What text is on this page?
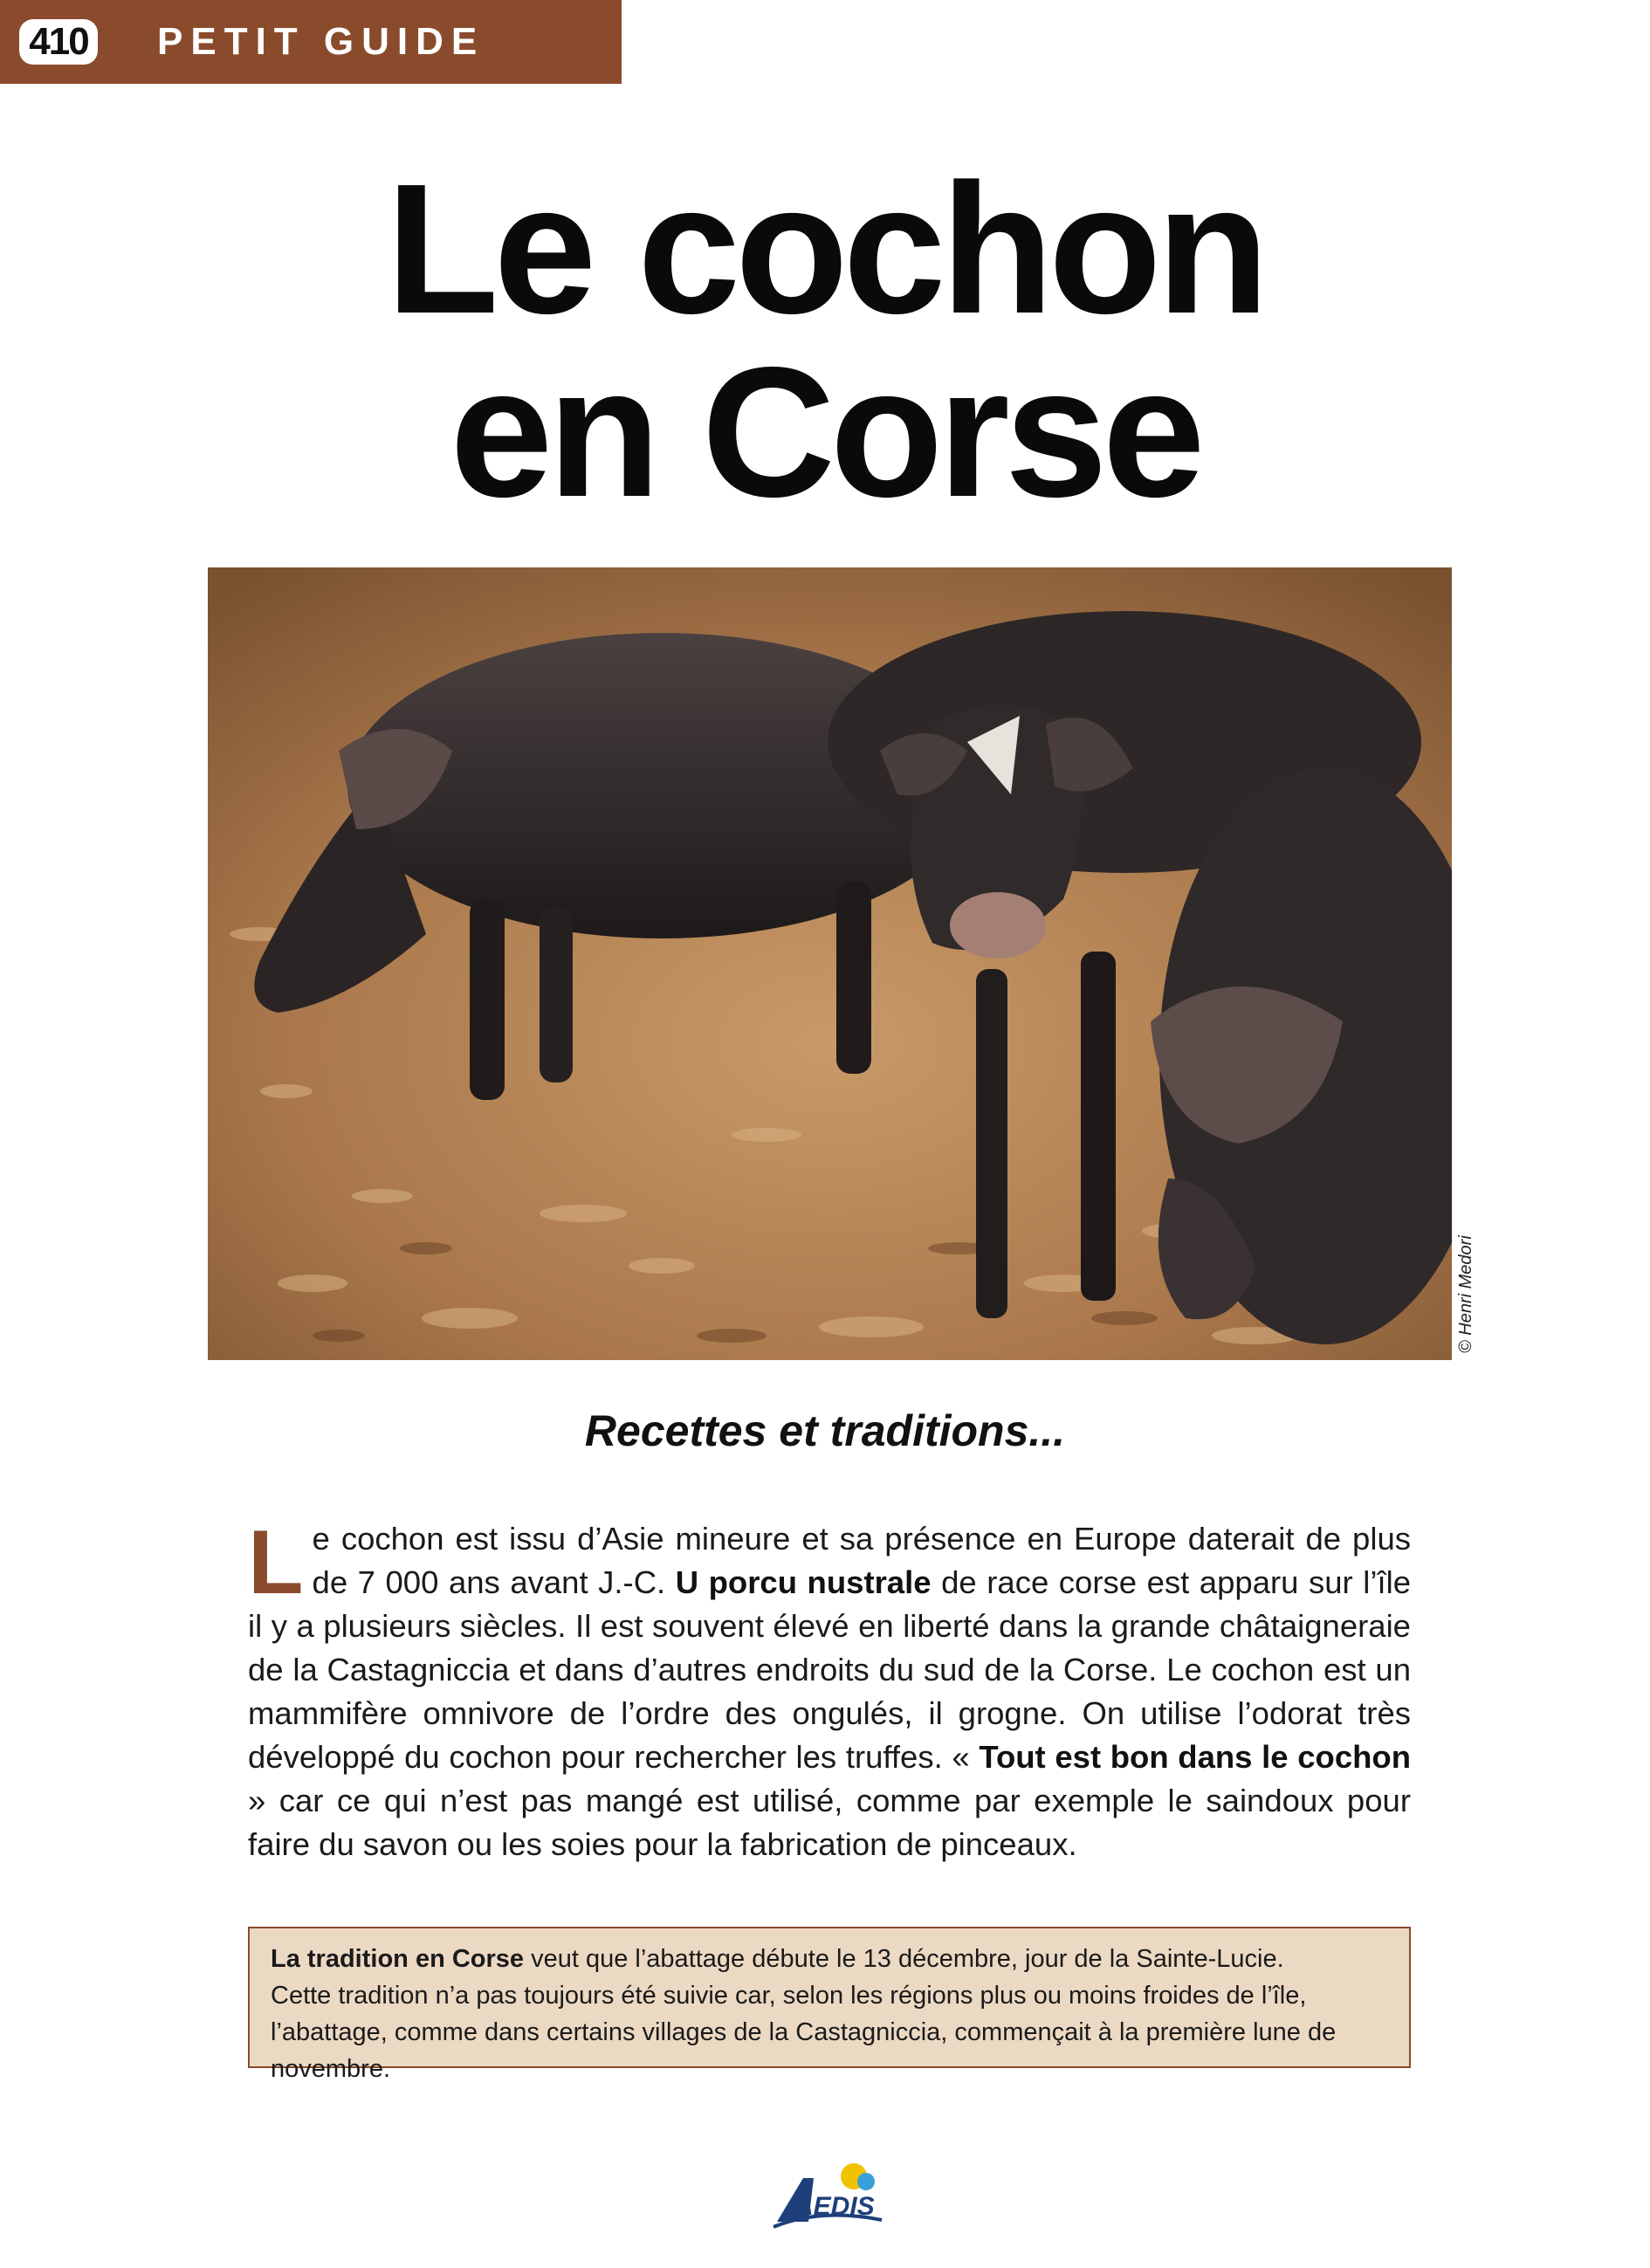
410 PETIT GUIDE
Le cochon
en Corse
© Henri Medori
Recettes et traditions...
Le cochon est issu d’Asie mineure et sa présence en Europe daterait de plus de 7 000 ans avant J.-C. U porcu nustrale de race corse est apparu sur l’île il y a plusieurs siècles. Il est souvent élevé en liberté dans la grande châtaigneraie de la Castagniccia et dans d’autres endroits du sud de la Corse. Le cochon est un mammifère omnivore de l’ordre des ongulés, il grogne. On utilise l’odorat très développé du cochon pour rechercher les truffes. « Tout est bon dans le cochon » car ce qui n’est pas mangé est utilisé, comme par exemple le saindoux pour faire du savon ou les soies pour la fabrication de pinceaux.
La tradition en Corse veut que l’abattage débute le 13 décembre, jour de la Sainte-Lucie.
Cette tradition n’a pas toujours été suivie car, selon les régions plus ou moins froides de l’île, l’abattage, comme dans certains villages de la Castagniccia, commençait à la première lune de novembre.
AEDIS
